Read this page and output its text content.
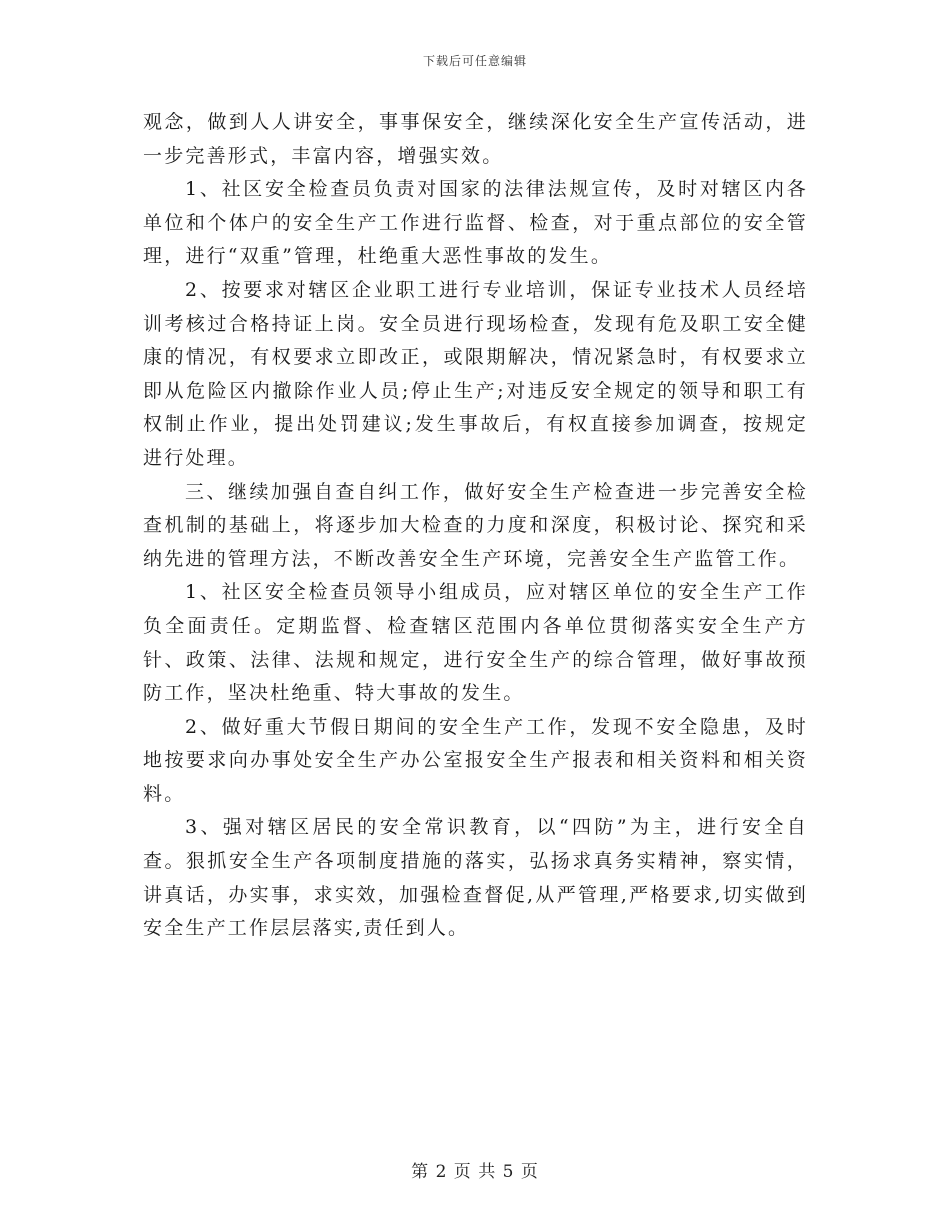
下载后可任意编辑

观念，做到人人讲安全，事事保安全，继续深化安全生产宣传活动，进一步完善形式，丰富内容，增强实效。

1、社区安全检查员负责对国家的法律法规宣传，及时对辖区内各单位和个体户的安全生产工作进行监督、检查，对于重点部位的安全管理，进行“双重”管理，杜绝重大恶性事故的发生。

2、按要求对辖区企业职工进行专业培训，保证专业技术人员经培训考核过合格持证上岗。安全员进行现场检查，发现有危及职工安全健康的情况，有权要求立即改正，或限期解决，情况紧急时，有权要求立即从危险区内撤除作业人员;停止生产;对违反安全规定的领导和职工有权制止作业，提出处罚建议;发生事故后，有权直接参加调查，按规定进行处理。

三、继续加强自查自纠工作，做好安全生产检查进一步完善安全检查机制的基础上，将逐步加大检查的力度和深度，积极讨论、探究和采纳先进的管理方法，不断改善安全生产环境，完善安全生产监管工作。

1、社区安全检查员领导小组成员，应对辖区单位的安全生产工作负全面责任。定期监督、检查辖区范围内各单位贯彻落实安全生产方针、政策、法律、法规和规定，进行安全生产的综合管理，做好事故预防工作，坚决杜绝重、特大事故的发生。

2、做好重大节假日期间的安全生产工作，发现不安全隐患，及时地按要求向办事处安全生产办公室报安全生产报表和相关资料和相关资料。

3、强对辖区居民的安全常识教育，以“四防”为主，进行安全自查。狠抓安全生产各项制度措施的落实，弘扬求真务实精神，察实情，讲真话，办实事，求实效，加强检查督促,从严管理,严格要求,切实做到安全生产工作层层落实,责任到人。

第 2 页 共 5 页
